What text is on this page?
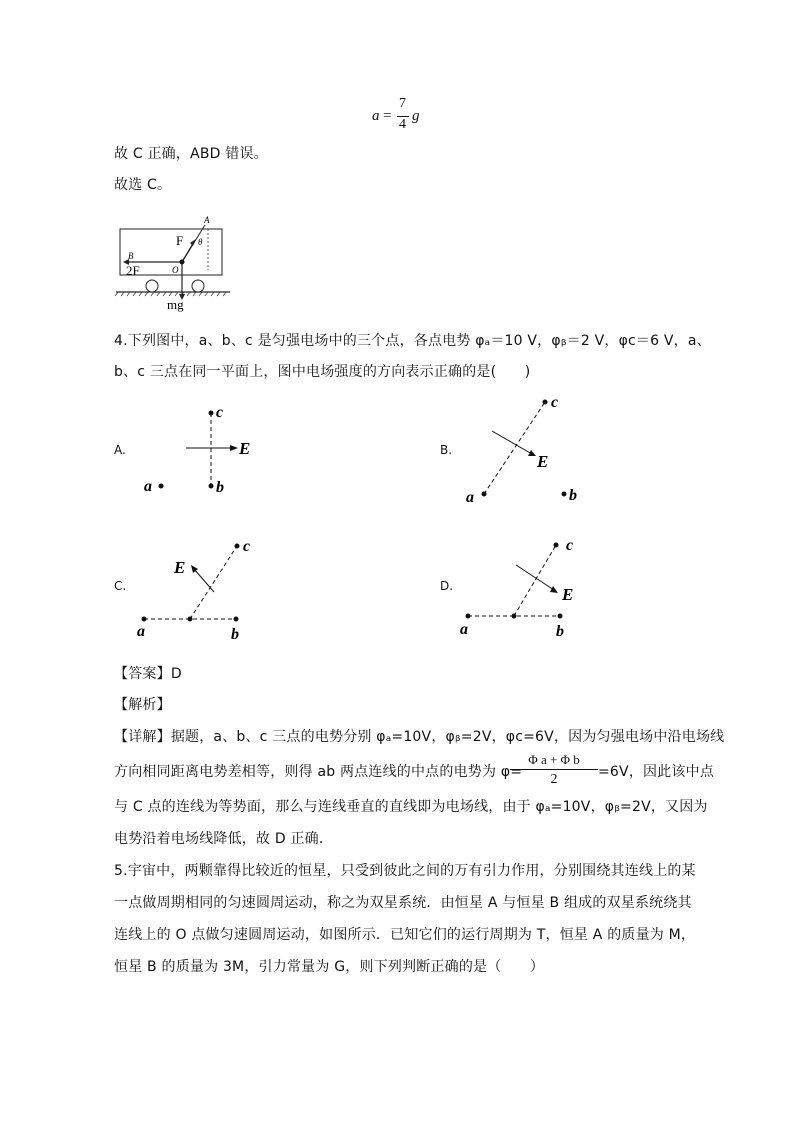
a =
7
4
g
故 C 正确，ABD 错误。
故选 C。
A
B
F θ
2F	O
mg
4.下列图中，a、b、c 是匀强电场中的三个点，各点电势 φₐ＝10 V，φᵦ＝2 V，φᴄ＝6 V，a、
b、c 三点在同一平面上，图中电场强度的方向表示正确的是(　　)
A.
c
E
b
a
B.
c
E
a	b
C.
c
E
a	b
D.
c
E
a	b
【答案】D
【解析】
【详解】据题，a、b、c 三点的电势分别 φₐ=10V，φᵦ=2V，φᴄ=6V，因为匀强电场中沿电场线
方向相同距离电势差相等，则得 ab 两点连线的中点的电势为 φ=
Φ a + Φ b
2	=6V，因此该中点
与 C 点的连线为等势面，那么与连线垂直的直线即为电场线，由于 φₐ=10V，φᵦ=2V，又因为
电势沿着电场线降低，故 D 正确．
5.宇宙中，两颗靠得比较近的恒星，只受到彼此之间的万有引力作用，分别围绕其连线上的某
一点做周期相同的匀速圆周运动，称之为双星系统．由恒星 A 与恒星 B 组成的双星系统绕其
连线上的 O 点做匀速圆周运动，如图所示．已知它们的运行周期为 T，恒星 A 的质量为 M，
恒星 B 的质量为 3M，引力常量为 G，则下列判断正确的是（　　）
